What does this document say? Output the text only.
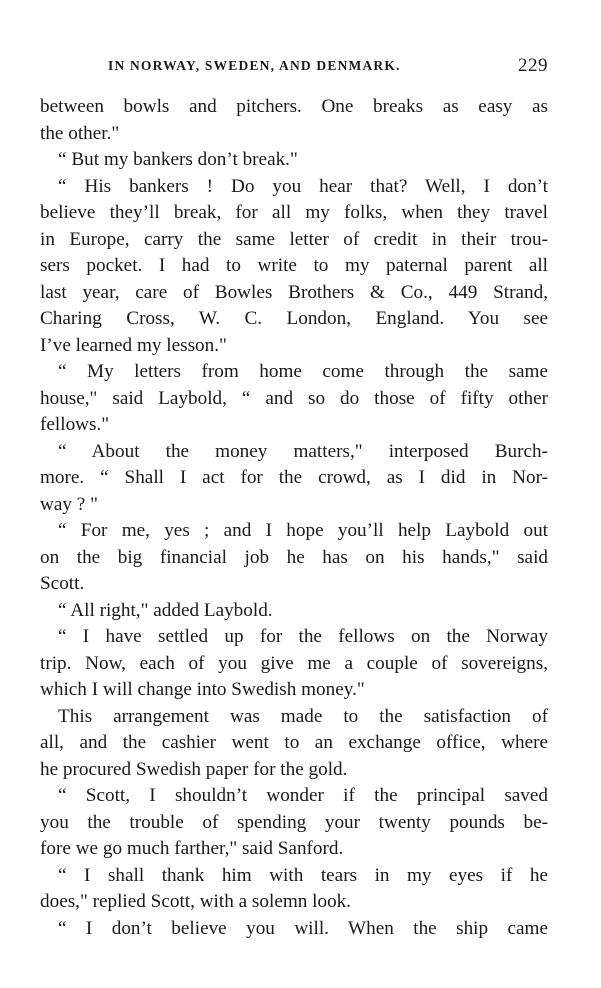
IN NORWAY, SWEDEN, AND DENMARK.	229
between bowls and pitchers. One breaks as easy as
the other."
“ But my bankers don’t break."
“ His bankers ! Do you hear that? Well, I don’t
believe they’ll break, for all my folks, when they travel
in Europe, carry the same letter of credit in their trou-
sers pocket. I had to write to my paternal parent all
last year, care of Bowles Brothers & Co., 449 Strand,
Charing Cross, W. C. London, England. You see
I’ve learned my lesson."
“ My letters from home come through the same
house," said Laybold, “ and so do those of fifty other
fellows."
“ About the money matters," interposed Burch-
more. “ Shall I act for the crowd, as I did in Nor-
way ? "
“ For me, yes ; and I hope you’ll help Laybold out
on the big financial job he has on his hands," said
Scott.
“ All right," added Laybold.
“ I have settled up for the fellows on the Norway
trip. Now, each of you give me a couple of sovereigns,
which I will change into Swedish money."
This arrangement was made to the satisfaction of
all, and the cashier went to an exchange office, where
he procured Swedish paper for the gold.
“ Scott, I shouldn’t wonder if the principal saved
you the trouble of spending your twenty pounds be-
fore we go much farther," said Sanford.
“ I shall thank him with tears in my eyes if he
does," replied Scott, with a solemn look.
“ I don’t believe you will. When the ship came
